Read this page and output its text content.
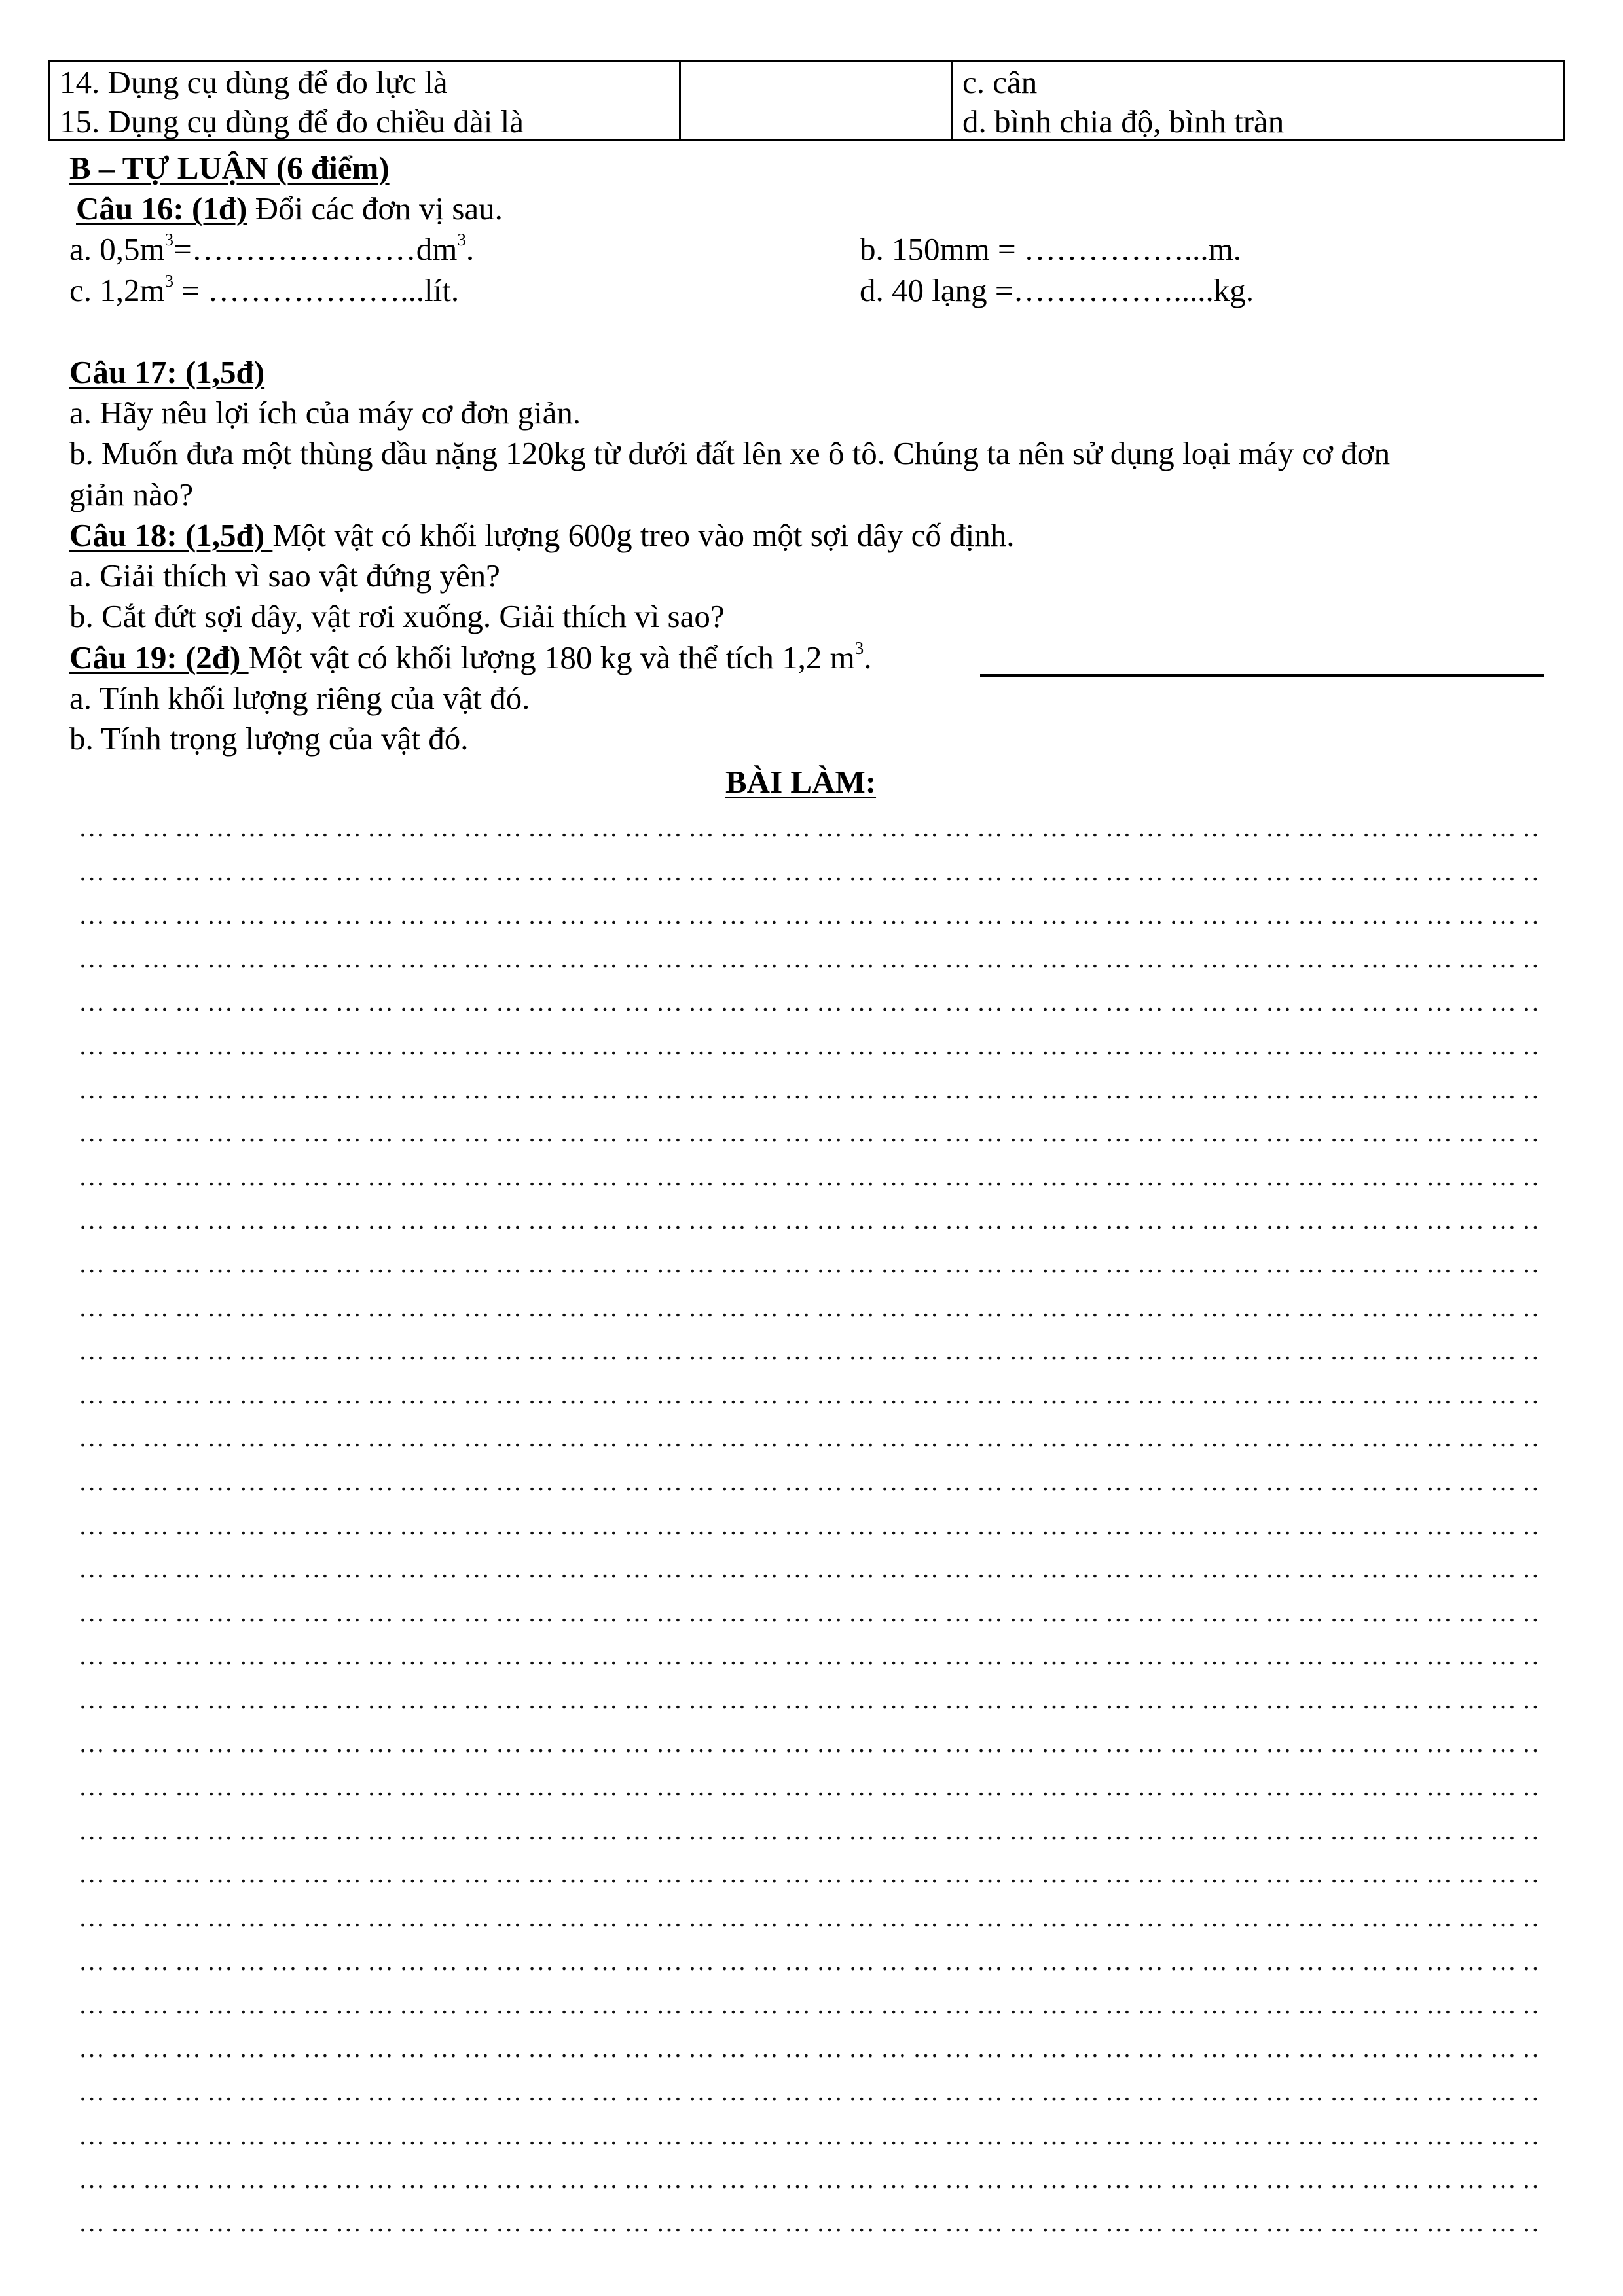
14. Dụng cụ dùng để đo lực là
15. Dụng cụ dùng để đo chiều dài là
c. cân
d. bình chia độ, bình tràn
B – TỰ LUẬN (6 điểm)
Câu 16: (1đ) Đổi các đơn vị sau.
a. $0,5m^3=\dots\dots\dots\dots\dots\dots\dots dm^3$.	b. 150mm = ……………...m.
c. $1,2m^3$ = ………………...lít.	d. 40 lạng =…………….....kg.
Câu 17: (1,5đ)
a. Hãy nêu lợi ích của máy cơ đơn giản.
b. Muốn đưa một thùng dầu nặng 120kg từ dưới đất lên xe ô tô. Chúng ta nên sử dụng loại máy cơ đơn
giản nào?
Câu 18: (1,5đ) Một vật có khối lượng 600g treo vào một sợi dây cố định.
a. Giải thích vì sao vật đứng yên?
b. Cắt đứt sợi dây, vật rơi xuống. Giải thích vì sao?
Câu 19: (2đ) Một vật có khối lượng 180 kg và thể tích 1,2 $m^3$.
a. Tính khối lượng riêng của vật đó.
b. Tính trọng lượng của vật đó.
BÀI LÀM:
…………………………………………………………………………………………………………………………………………………………………………………………………………………………………………………………
…………………………………………………………………………………………………………………………………………………………………………………………………………………………………………………………
…………………………………………………………………………………………………………………………………………………………………………………………………………………………………………………………
…………………………………………………………………………………………………………………………………………………………………………………………………………………………………………………………
…………………………………………………………………………………………………………………………………………………………………………………………………………………………………………………………
…………………………………………………………………………………………………………………………………………………………………………………………………………………………………………………………
…………………………………………………………………………………………………………………………………………………………………………………………………………………………………………………………
…………………………………………………………………………………………………………………………………………………………………………………………………………………………………………………………
…………………………………………………………………………………………………………………………………………………………………………………………………………………………………………………………
…………………………………………………………………………………………………………………………………………………………………………………………………………………………………………………………
…………………………………………………………………………………………………………………………………………………………………………………………………………………………………………………………
…………………………………………………………………………………………………………………………………………………………………………………………………………………………………………………………
…………………………………………………………………………………………………………………………………………………………………………………………………………………………………………………………
…………………………………………………………………………………………………………………………………………………………………………………………………………………………………………………………
…………………………………………………………………………………………………………………………………………………………………………………………………………………………………………………………
…………………………………………………………………………………………………………………………………………………………………………………………………………………………………………………………
…………………………………………………………………………………………………………………………………………………………………………………………………………………………………………………………
…………………………………………………………………………………………………………………………………………………………………………………………………………………………………………………………
…………………………………………………………………………………………………………………………………………………………………………………………………………………………………………………………
…………………………………………………………………………………………………………………………………………………………………………………………………………………………………………………………
…………………………………………………………………………………………………………………………………………………………………………………………………………………………………………………………
…………………………………………………………………………………………………………………………………………………………………………………………………………………………………………………………
…………………………………………………………………………………………………………………………………………………………………………………………………………………………………………………………
…………………………………………………………………………………………………………………………………………………………………………………………………………………………………………………………
…………………………………………………………………………………………………………………………………………………………………………………………………………………………………………………………
…………………………………………………………………………………………………………………………………………………………………………………………………………………………………………………………
…………………………………………………………………………………………………………………………………………………………………………………………………………………………………………………………
…………………………………………………………………………………………………………………………………………………………………………………………………………………………………………………………
…………………………………………………………………………………………………………………………………………………………………………………………………………………………………………………………
…………………………………………………………………………………………………………………………………………………………………………………………………………………………………………………………
…………………………………………………………………………………………………………………………………………………………………………………………………………………………………………………………
…………………………………………………………………………………………………………………………………………………………………………………………………………………………………………………………
…………………………………………………………………………………………………………………………………………………………………………………………………………………………………………………………
